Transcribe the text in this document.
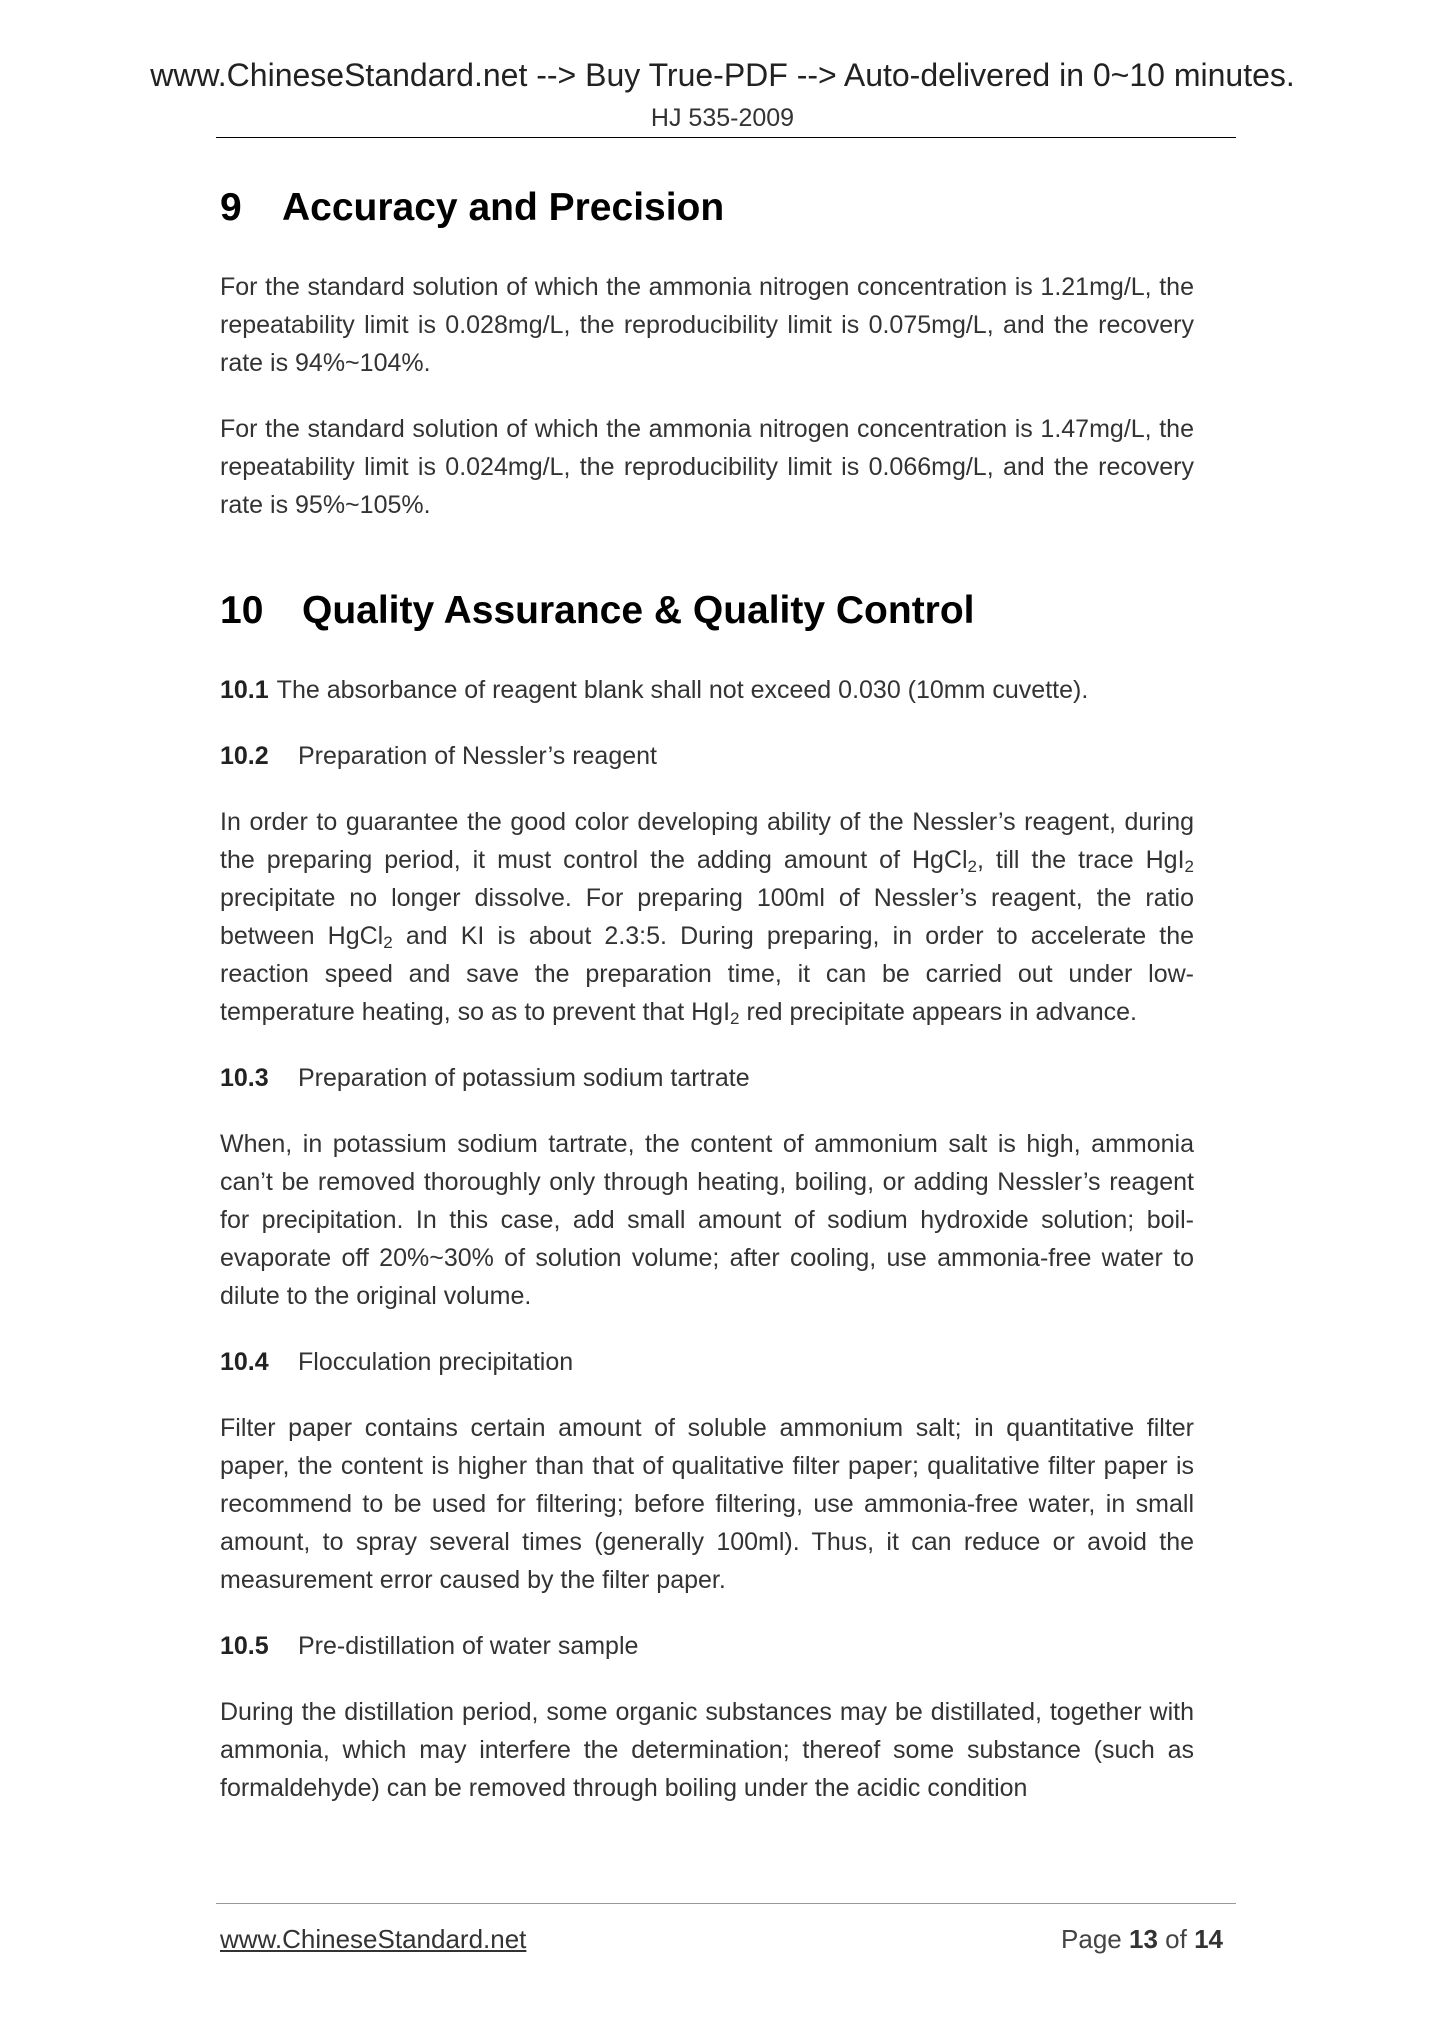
www.ChineseStandard.net --> Buy True-PDF --> Auto-delivered in 0~10 minutes.
HJ 535-2009
9	Accuracy and Precision

For the standard solution of which the ammonia nitrogen concentration is 1.21mg/L, the repeatability limit is 0.028mg/L, the reproducibility limit is 0.075mg/L, and the recovery rate is 94%~104%.

For the standard solution of which the ammonia nitrogen concentration is 1.47mg/L, the repeatability limit is 0.024mg/L, the reproducibility limit is 0.066mg/L, and the recovery rate is 95%~105%.

10 Quality Assurance & Quality Control

10.1 The absorbance of reagent blank shall not exceed 0.030 (10mm cuvette).

10.2 Preparation of Nessler’s reagent

In order to guarantee the good color developing ability of the Nessler’s reagent, during the preparing period, it must control the adding amount of HgCl$_2$, till the trace HgI$_2$ precipitate no longer dissolve. For preparing 100ml of Nessler’s reagent, the ratio between HgCl$_2$ and KI is about 2.3:5. During preparing, in order to accelerate the reaction speed and save the preparation time, it can be carried out under low-temperature heating, so as to prevent that HgI$_2$ red precipitate appears in advance.

10.3 Preparation of potassium sodium tartrate

When, in potassium sodium tartrate, the content of ammonium salt is high, ammonia can’t be removed thoroughly only through heating, boiling, or adding Nessler’s reagent for precipitation. In this case, add small amount of sodium hydroxide solution; boil-evaporate off 20%~30% of solution volume; after cooling, use ammonia-free water to dilute to the original volume.

10.4 Flocculation precipitation

Filter paper contains certain amount of soluble ammonium salt; in quantitative filter paper, the content is higher than that of qualitative filter paper; qualitative filter paper is recommend to be used for filtering; before filtering, use ammonia-free water, in small amount, to spray several times (generally 100ml). Thus, it can reduce or avoid the measurement error caused by the filter paper.

10.5 Pre-distillation of water sample

During the distillation period, some organic substances may be distillated, together with ammonia, which may interfere the determination; thereof some substance (such as formaldehyde) can be removed through boiling under the acidic condition

www.ChineseStandard.net	Page 13 of 14
